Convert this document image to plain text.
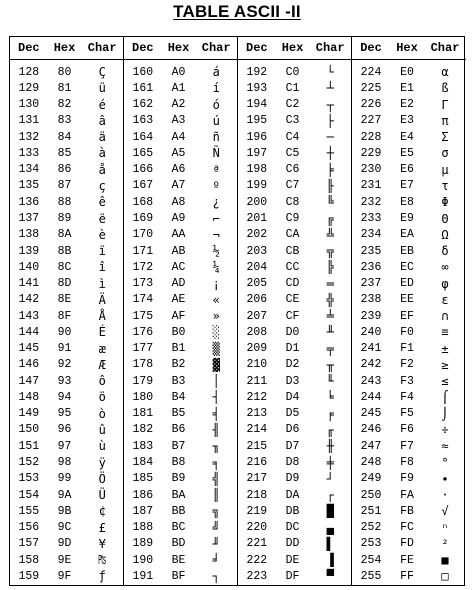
TABLE ASCII -II
Dec	Hex	Char
128	80	Ç
129	81	ü
130	82	é
131	83	â
132	84	ä
133	85	à
134	86	å
135	87	ç
136	88	ê
137	89	ë
138	8A	è
139	8B	ï
140	8C	î
141	8D	ì
142	8E	Ä
143	8F	Å
144	90	É
145	91	æ
146	92	Æ
147	93	ô
148	94	ö
149	95	ò
150	96	û
151	97	ù
152	98	ÿ
153	99	Ö
154	9A	Ü
155	9B	¢
156	9C	£
157	9D	¥
158	9E	₧
159	9F	ƒ
Dec	Hex	Char
160	A0	á
161	A1	í
162	A2	ó
163	A3	ú
164	A4	ñ
165	A5	Ñ
166	A6	ª
167	A7	º
168	A8	¿
169	A9	⌐
170	AA	¬
171	AB	½
172	AC	¼
173	AD	¡
174	AE	«
175	AF	»
176	B0	░
177	B1	▒
178	B2	▓
179	B3	│
180	B4	┤
181	B5	╡
182	B6	╢
183	B7	╖
184	B8	╕
185	B9	╣
186	BA	║
187	BB	╗
188	BC	╝
189	BD	╜
190	BE	╛
191	BF	┐
Dec	Hex	Char
192	C0	└
193	C1	┴
194	C2	┬
195	C3	├
196	C4	─
197	C5	┼
198	C6	╞
199	C7	╟
200	C8	╚
201	C9	╔
202	CA	╩
203	CB	╦
204	CC	╠
205	CD	═
206	CE	╬
207	CF	╧
208	D0	╨
209	D1	╤
210	D2	╥
211	D3	╙
212	D4	╘
213	D5	╒
214	D6	╓
215	D7	╫
216	D8	╪
217	D9	┘
218	DA	┌
219	DB	█
220	DC	▄
221	DD	▌
222	DE	▐
223	DF	▀
Dec	Hex	Char
224	E0	α
225	E1	ß
226	E2	Γ
227	E3	π
228	E4	Σ
229	E5	σ
230	E6	µ
231	E7	τ
232	E8	Φ
233	E9	Θ
234	EA	Ω
235	EB	δ
236	EC	∞
237	ED	φ
238	EE	ε
239	EF	∩
240	F0	≡
241	F1	±
242	F2	≥
243	F3	≤
244	F4	⌠
245	F5	⌡
246	F6	÷
247	F7	≈
248	F8	°
249	F9	∙
250	FA	·
251	FB	√
252	FC	ⁿ
253	FD	²
254	FE	■
255	FF	□
